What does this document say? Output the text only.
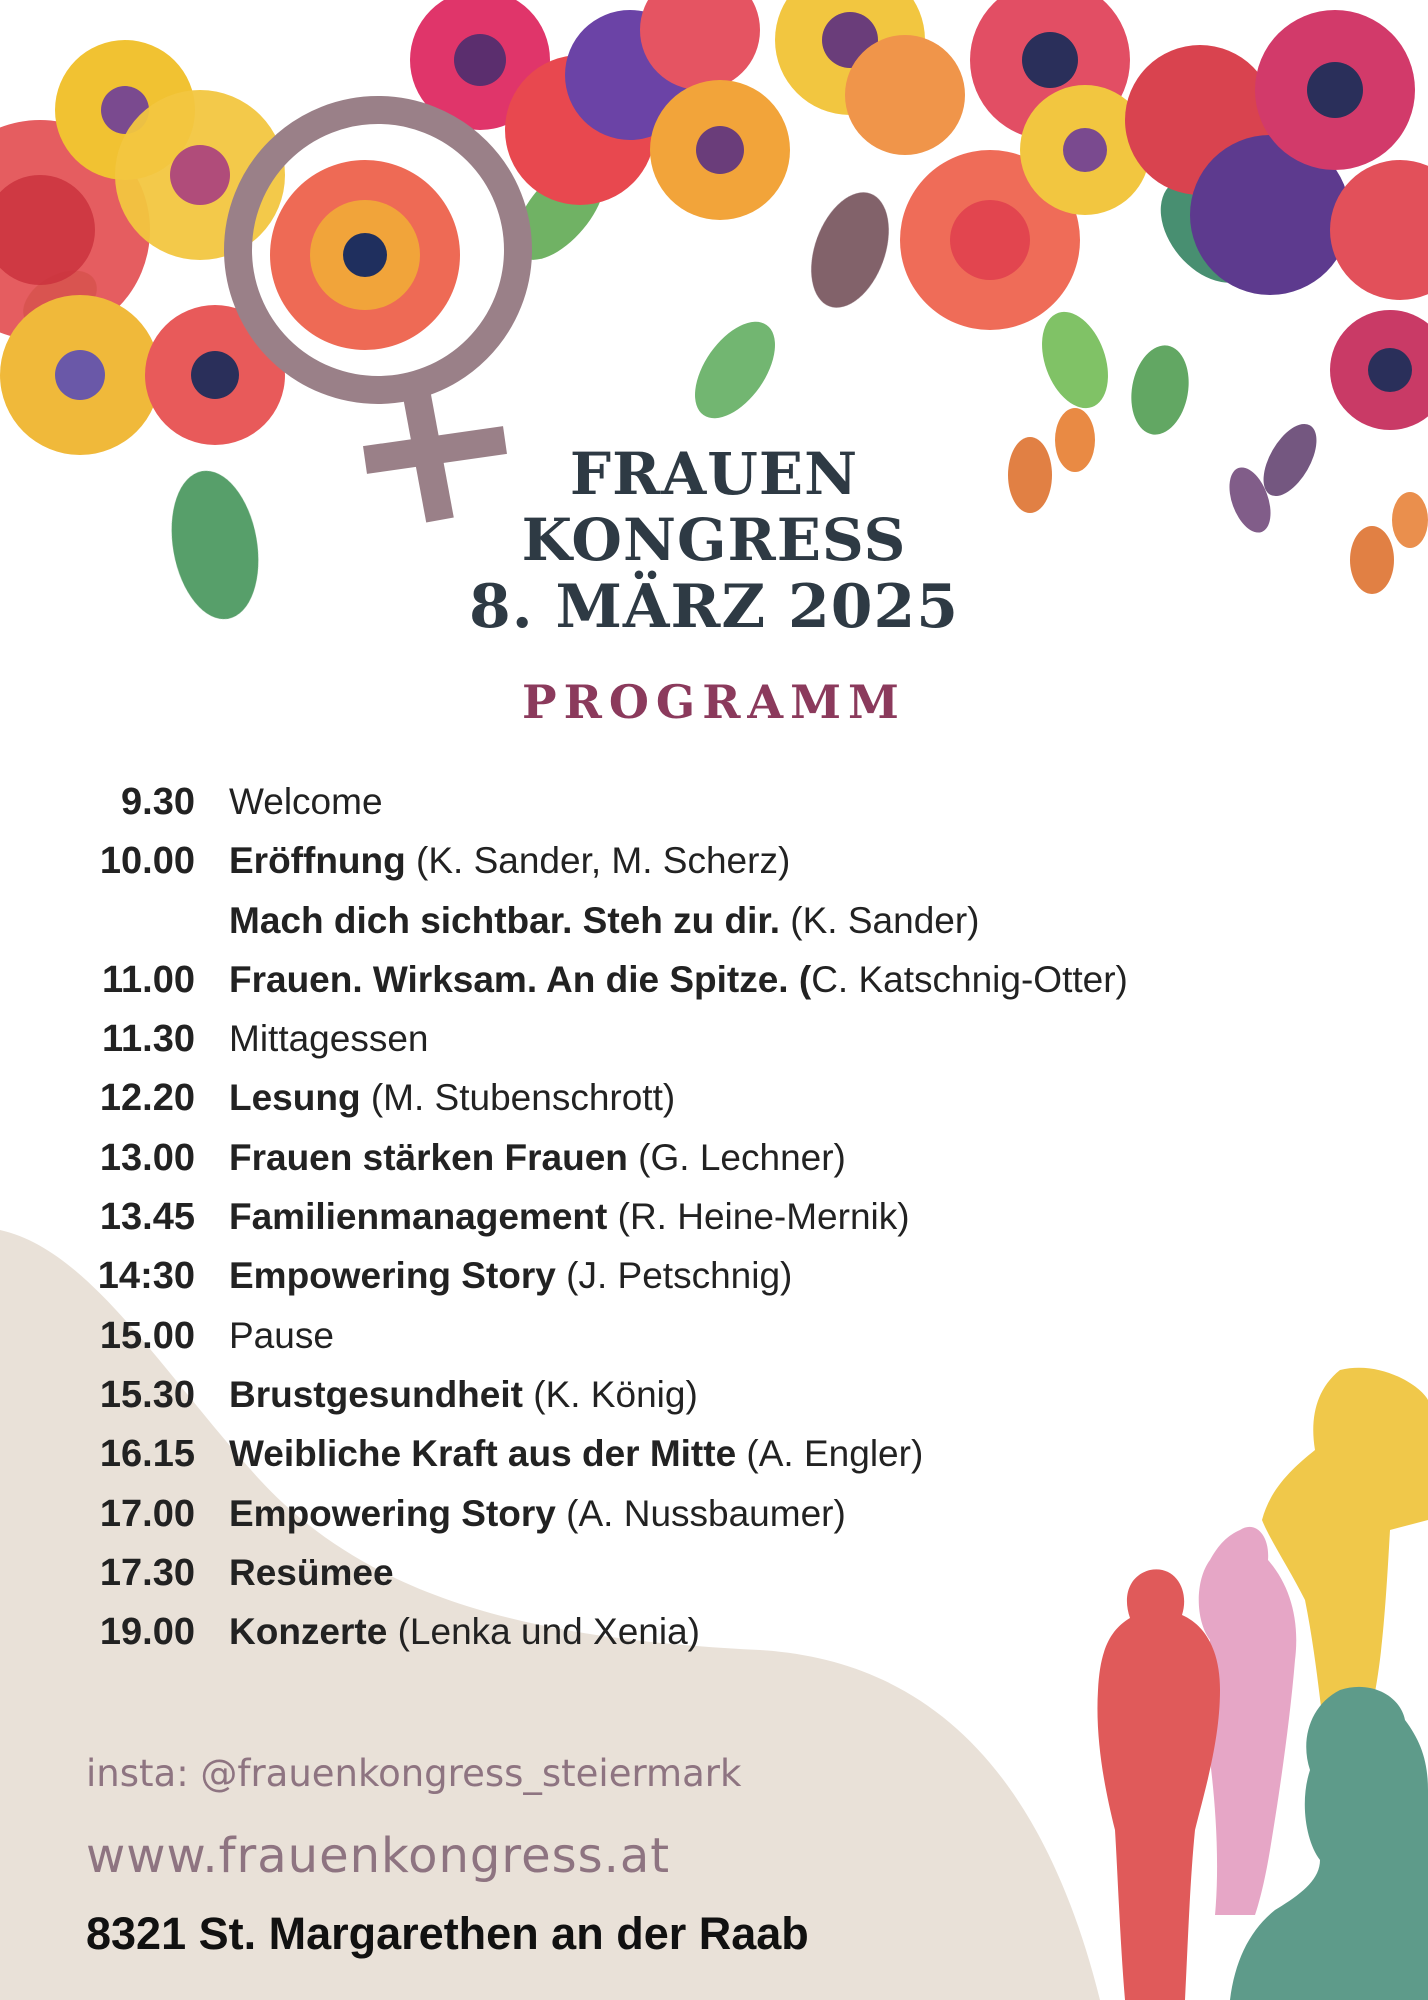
FRAUEN
KONGRESS
8. MÄRZ 2025
PROGRAMM
9.30 Welcome
10.00 Eröffnung (K. Sander, M. Scherz)
Mach dich sichtbar. Steh zu dir. (K. Sander)
11.00 Frauen. Wirksam. An die Spitze. (C. Katschnig-Otter)
11.30 Mittagessen
12.20 Lesung (M. Stubenschrott)
13.00 Frauen stärken Frauen (G. Lechner)
13.45 Familienmanagement (R. Heine-Mernik)
14:30 Empowering Story (J. Petschnig)
15.00 Pause
15.30 Brustgesundheit (K. König)
16.15 Weibliche Kraft aus der Mitte (A. Engler)
17.00 Empowering Story (A. Nussbaumer)
17.30 Resümee
19.00 Konzerte (Lenka und Xenia)
insta: @frauenkongress_steiermark
www.frauenkongress.at
8321 St. Margarethen an der Raab
